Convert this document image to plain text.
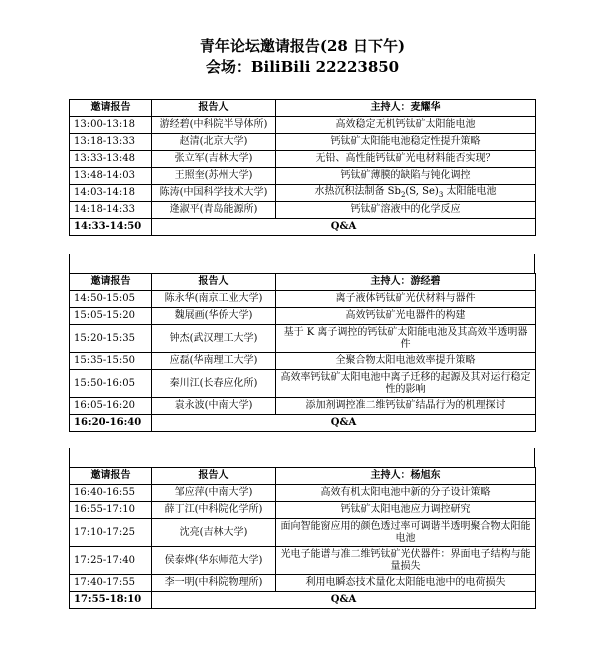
青年论坛邀请报告(28 日下午)
会场：BiliBili 22223850
邀请报告	报告人	主持人：麦耀华
13:00-13:18	游经碧(中科院半导体所)	高效稳定无机钙钛矿太阳能电池
13:18-13:33	赵清(北京大学)	钙钛矿太阳能电池稳定性提升策略
13:33-13:48	张立军(吉林大学)	无铅、高性能钙钛矿光电材料能否实现？
13:48-14:03	王照奎(苏州大学)	钙钛矿薄膜的缺陷与钝化调控
14:03-14:18	陈涛(中国科学技术大学)	水热沉积法制备 $Sb_2(S$, $Se)_3$ 太阳能电池
14:18-14:33	逄淑平(青岛能源所)	钙钛矿溶液中的化学反应
14:33-14:50	Q&A	
邀请报告	报告人	主持人：游经碧
14:50-15:05	陈永华(南京工业大学)	离子液体钙钛矿光伏材料与器件
15:05-15:20	魏展画(华侨大学)	高效钙钛矿光电器件的构建
15:20-15:35	钟杰(武汉理工大学)	基于 K 离子调控的钙钛矿太阳能电池及其高效半透明器件
15:35-15:50	应磊(华南理工大学)	全聚合物太阳电池效率提升策略
15:50-16:05	秦川江(长春应化所)	高效率钙钛矿太阳电池中离子迁移的起源及其对运行稳定性的影响
16:05-16:20	袁永波(中南大学)	添加剂调控准二维钙钛矿结晶行为的机理探讨
16:20-16:40	Q&A	
邀请报告	报告人	主持人：杨旭东
16:40-16:55	邹应萍(中南大学)	高效有机太阳电池中新的分子设计策略
16:55-17:10	薛丁江(中科院化学所)	钙钛矿太阳电池应力调控研究
17:10-17:25	沈亮(吉林大学)	面向智能窗应用的颜色透过率可调谐半透明聚合物太阳能电池
17:25-17:40	侯泰烨(华东师范大学)	光电子能谱与准二维钙钛矿光伏器件：界面电子结构与能量损失
17:40-17:55	李一明(中科院物理所)	利用电瞬态技术量化太阳能电池中的电荷损失
17:55-18:10	Q&A	
